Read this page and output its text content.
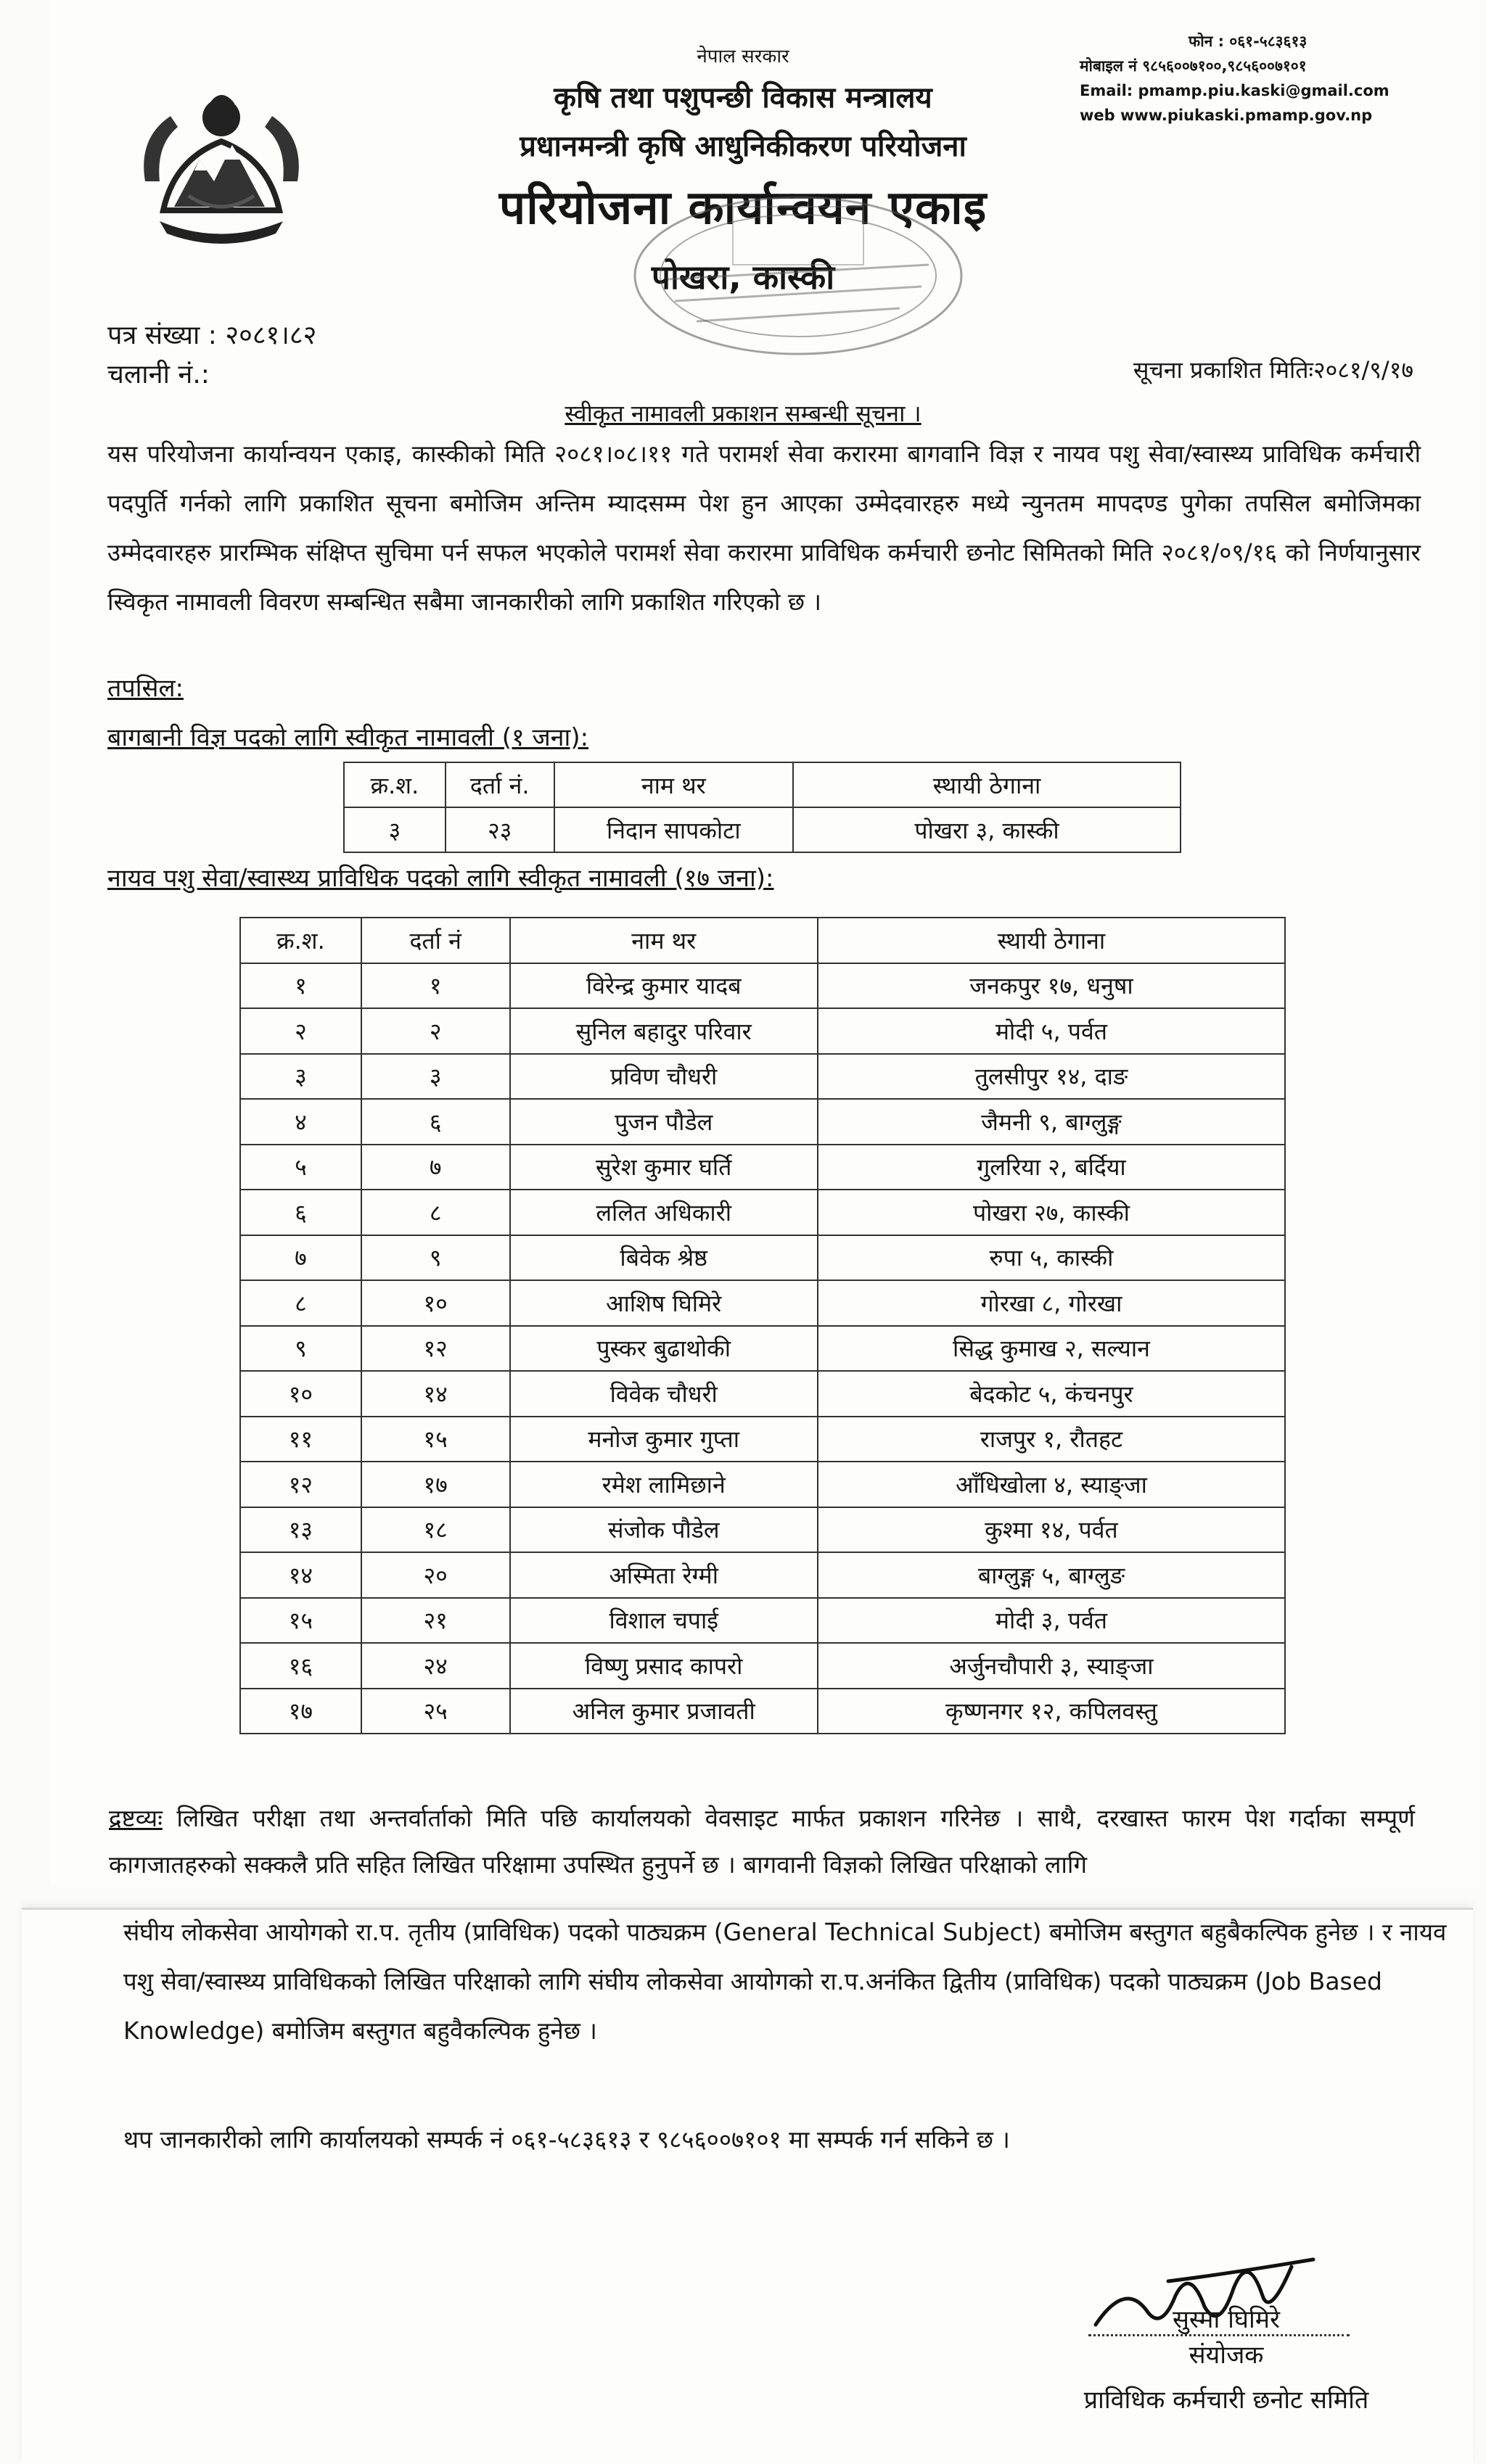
नेपाल सरकार
कृषि तथा पशुपन्छी विकास मन्त्रालय
प्रधानमन्त्री कृषि आधुनिकीकरण परियोजना
परियोजना कार्यान्वयन एकाइ
पोखरा, कास्की
फोन : ०६१-५८३६१३
मोबाइल नं ९८५६००७१००,९८५६००७१०१
Email: pmamp.piu.kaski@gmail.com
web www.piukaski.pmamp.gov.np
पत्र संख्या : २०८१।८२
चलानी नं.:	सूचना प्रकाशित मितिः२०८१/९/१७
स्वीकृत नामावली प्रकाशन सम्बन्धी सूचना ।
यस परियोजना कार्यान्वयन एकाइ, कास्कीको मिति २०८१।०८।११ गते परामर्श सेवा करारमा बागवानि विज्ञ र नायव पशु सेवा/स्वास्थ्य प्राविधिक कर्मचारी पदपुर्ति गर्नको लागि प्रकाशित सूचना बमोजिम अन्तिम म्यादसम्म पेश हुन आएका उम्मेदवारहरु मध्ये न्युनतम मापदण्ड पुगेका तपसिल बमोजिमका उम्मेदवारहरु प्रारम्भिक संक्षिप्त सुचिमा पर्न सफल भएकोले परामर्श सेवा करारमा प्राविधिक कर्मचारी छनोट सिमितको मिति २०८१/०९/१६ को निर्णयानुसार स्विकृत नामावली विवरण सम्बन्धित सबैमा जानकारीको लागि प्रकाशित गरिएको छ ।
तपसिल:
बागबानी विज्ञ पदको लागि स्वीकृत नामावली (१ जना):
क्र.श.	दर्ता नं.	नाम थर	स्थायी ठेगाना
३	२३	निदान सापकोटा	पोखरा ३, कास्की
नायव पशु सेवा/स्वास्थ्य प्राविधिक पदको लागि स्वीकृत नामावली (१७ जना):
क्र.श.	दर्ता नं	नाम थर	स्थायी ठेगाना
१	१	विरेन्द्र कुमार यादब	जनकपुर १७, धनुषा
२	२	सुनिल बहादुर परिवार	मोदी ५, पर्वत
३	३	प्रविण चौधरी	तुलसीपुर १४, दाङ
४	६	पुजन पौडेल	जैमनी ९, बाग्लुङ्ग
५	७	सुरेश कुमार घर्ति	गुलरिया २, बर्दिया
६	८	ललित अधिकारी	पोखरा २७, कास्की
७	९	बिवेक श्रेष्ठ	रुपा ५, कास्की
८	१०	आशिष घिमिरे	गोरखा ८, गोरखा
९	१२	पुस्कर बुढाथोकी	सिद्ध कुमाख २, सल्यान
१०	१४	विवेक चौधरी	बेदकोट ५, कंचनपुर
११	१५	मनोज कुमार गुप्ता	राजपुर १, रौतहट
१२	१७	रमेश लामिछाने	आँधिखोला ४, स्याङ्जा
१३	१८	संजोक पौडेल	कुश्मा १४, पर्वत
१४	२०	अस्मिता रेग्मी	बाग्लुङ्ग ५, बाग्लुङ
१५	२१	विशाल चपाई	मोदी ३, पर्वत
१६	२४	विष्णु प्रसाद कापरो	अर्जुनचौपारी ३, स्याङ्जा
१७	२५	अनिल कुमार प्रजावती	कृष्णनगर १२, कपिलवस्तु
द्रष्टव्यः लिखित परीक्षा तथा अन्तर्वार्ताको मिति पछि कार्यालयको वेवसाइट मार्फत प्रकाशन गरिनेछ । साथै, दरखास्त फारम पेश गर्दाका सम्पूर्ण कागजातहरुको सक्कलै प्रति सहित लिखित परिक्षामा उपस्थित हुनुपर्ने छ । बागवानी विज्ञको लिखित परिक्षाको लागि
संघीय लोकसेवा आयोगको रा.प. तृतीय (प्राविधिक) पदको पाठ्यक्रम (General Technical Subject) बमोजिम बस्तुगत बहुबैकल्पिक हुनेछ । र नायव पशु सेवा/स्वास्थ्य प्राविधिकको लिखित परिक्षाको लागि संघीय लोकसेवा आयोगको रा.प.अनंकित द्वितीय (प्राविधिक) पदको पाठ्यक्रम (Job Based Knowledge) बमोजिम बस्तुगत बहुवैकल्पिक हुनेछ ।
थप जानकारीको लागि कार्यालयको सम्पर्क नं ०६१-५८३६१३ र ९८५६००७१०१ मा सम्पर्क गर्न सकिने छ ।
सुस्मा घिमिरे
संयोजक
प्राविधिक कर्मचारी छनोट समिति
